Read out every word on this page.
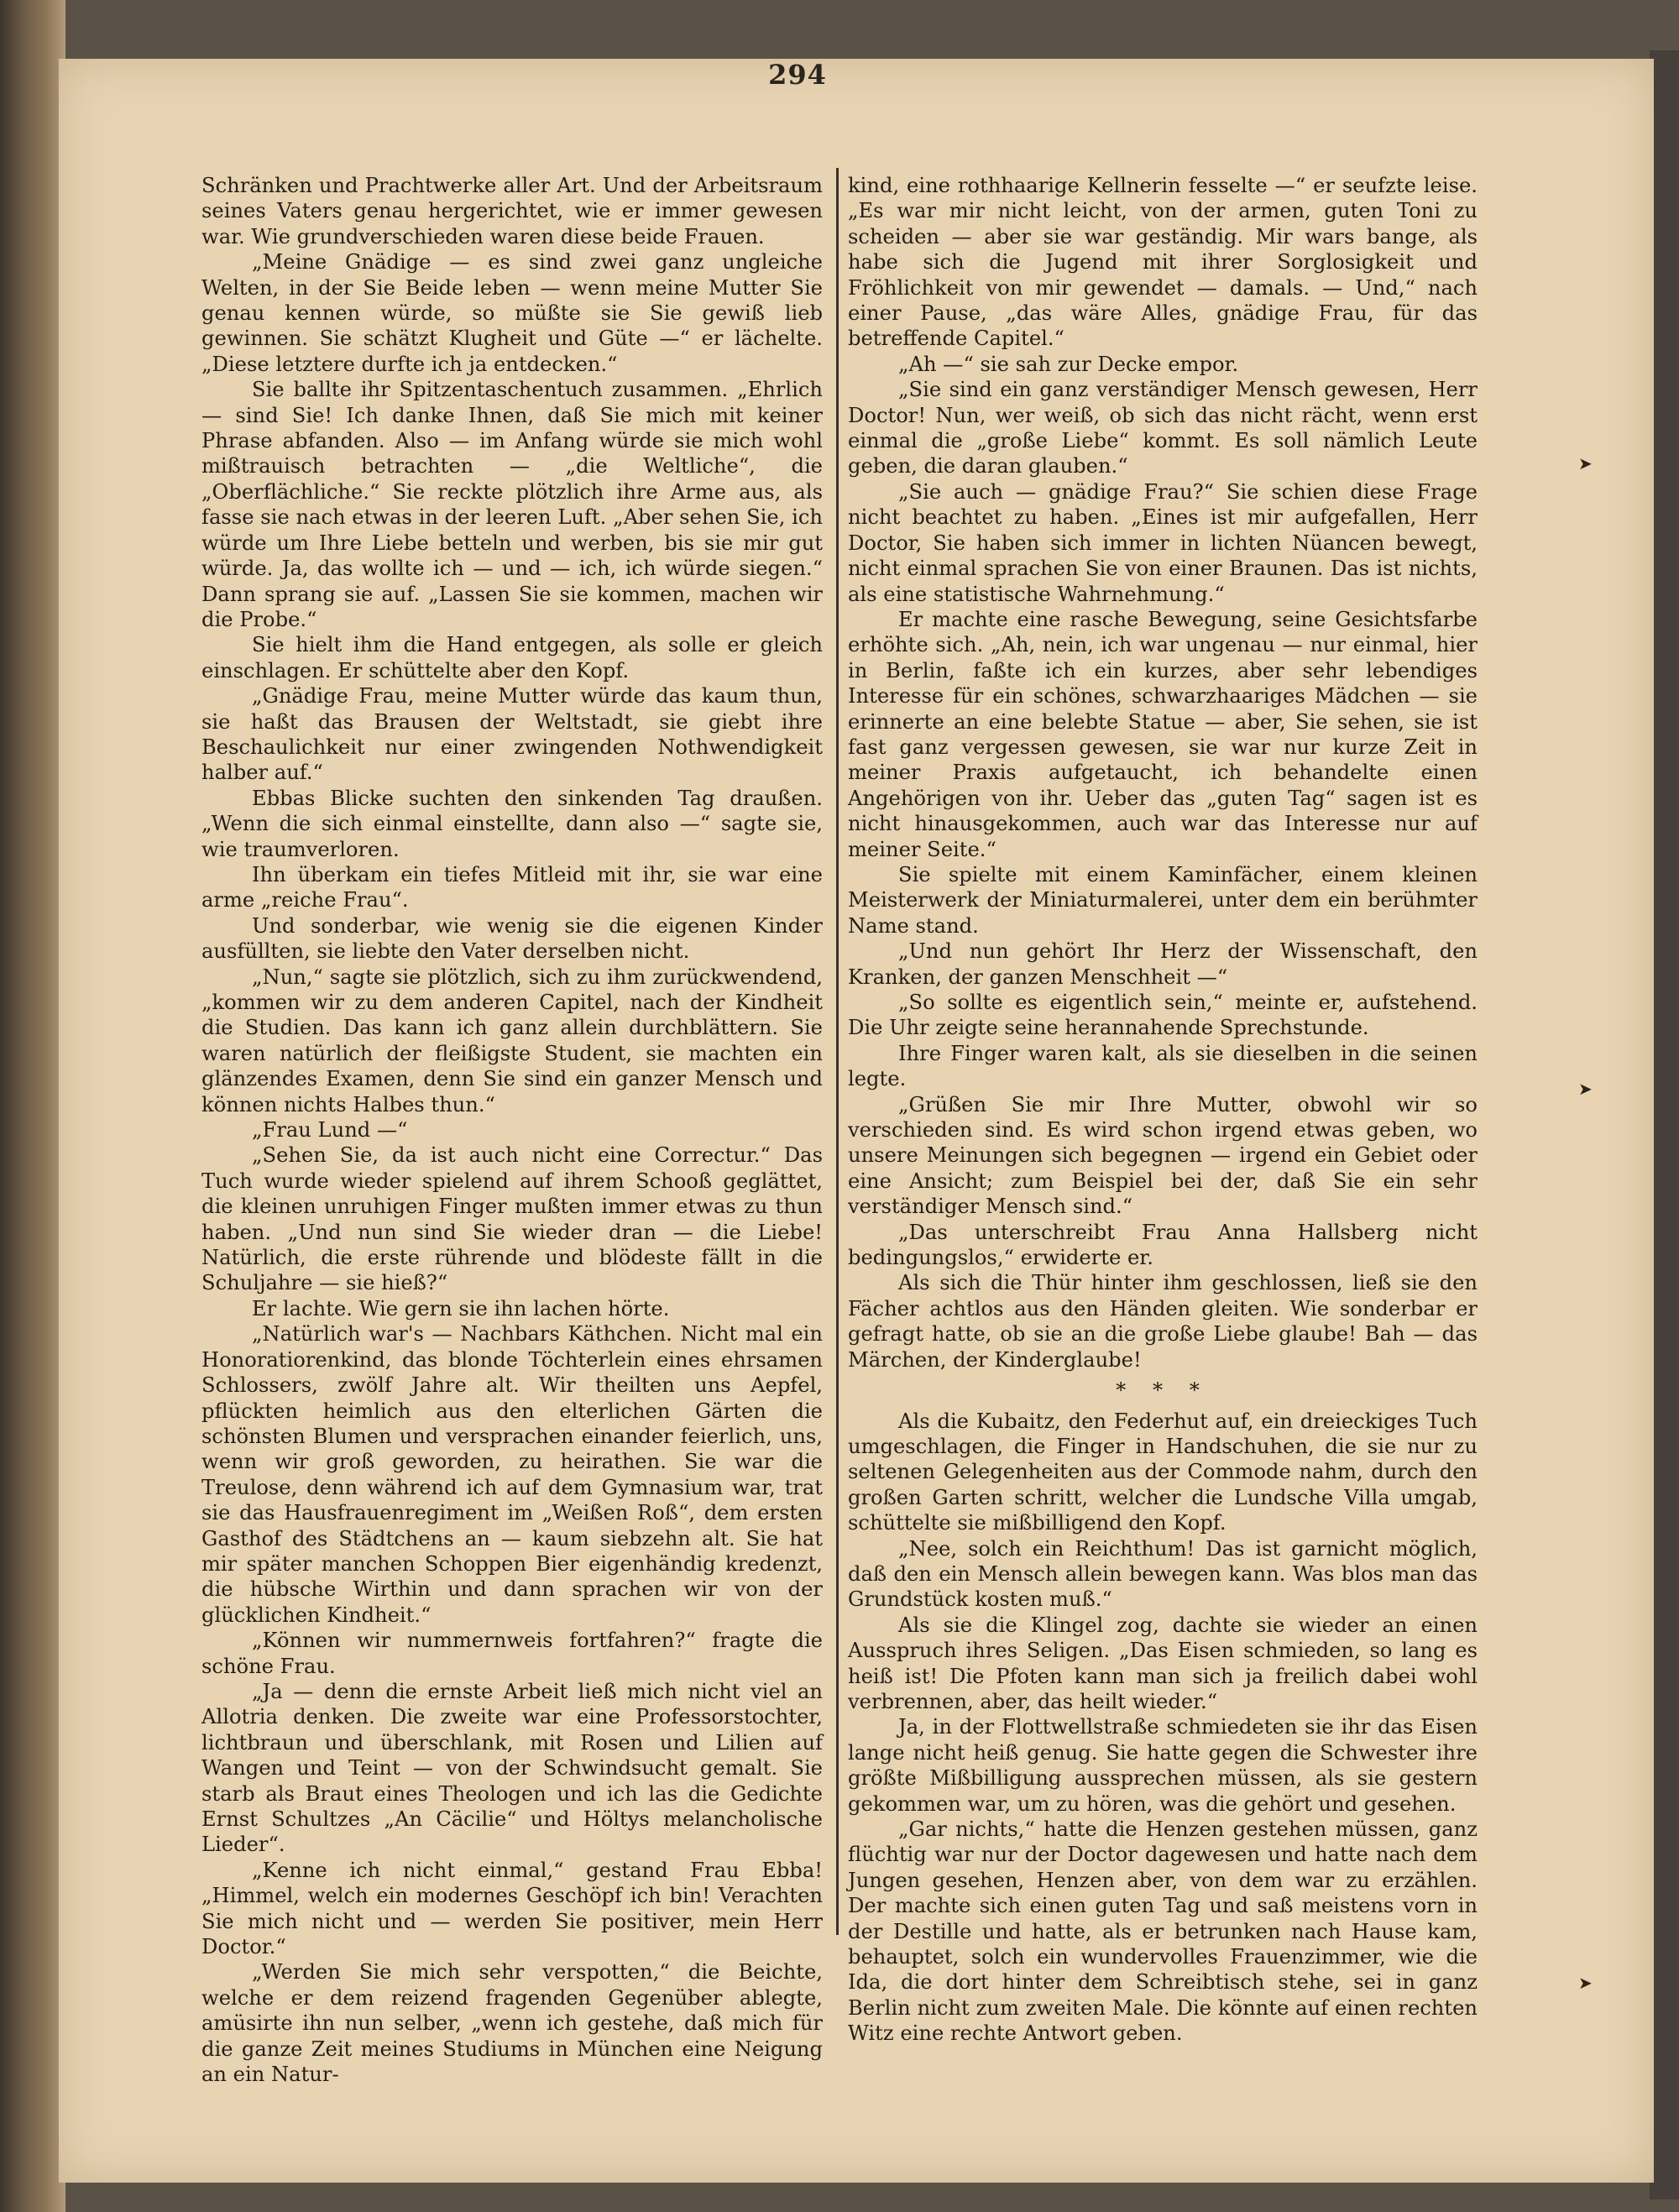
294

Schränken und Prachtwerke aller Art. Und der Arbeitsraum seines Vaters genau hergerichtet, wie er immer gewesen war. Wie grundverschieden waren diese beide Frauen.

„Meine Gnädige — es sind zwei ganz ungleiche Welten, in der Sie Beide leben — wenn meine Mutter Sie genau kennen würde, so müßte sie Sie gewiß lieb gewinnen. Sie schätzt Klugheit und Güte —“ er lächelte. „Diese letztere durfte ich ja entdecken.“

Sie ballte ihr Spitzentaschentuch zusammen. „Ehrlich — sind Sie! Ich danke Ihnen, daß Sie mich mit keiner Phrase abfanden. Also — im Anfang würde sie mich wohl mißtrauisch betrachten — „die Weltliche“, die „Oberflächliche.“ Sie reckte plötzlich ihre Arme aus, als fasse sie nach etwas in der leeren Luft. „Aber sehen Sie, ich würde um Ihre Liebe betteln und werben, bis sie mir gut würde. Ja, das wollte ich — und — ich, ich würde siegen.“ Dann sprang sie auf. „Lassen Sie sie kommen, machen wir die Probe.“

Sie hielt ihm die Hand entgegen, als solle er gleich einschlagen. Er schüttelte aber den Kopf.

„Gnädige Frau, meine Mutter würde das kaum thun, sie haßt das Brausen der Weltstadt, sie giebt ihre Beschaulichkeit nur einer zwingenden Nothwendigkeit halber auf.“

Ebbas Blicke suchten den sinkenden Tag draußen. „Wenn die sich einmal einstellte, dann also —“ sagte sie, wie traumverloren.

Ihn überkam ein tiefes Mitleid mit ihr, sie war eine arme „reiche Frau“.

Und sonderbar, wie wenig sie die eigenen Kinder ausfüllten, sie liebte den Vater derselben nicht.

„Nun,“ sagte sie plötzlich, sich zu ihm zurückwendend, „kommen wir zu dem anderen Capitel, nach der Kindheit die Studien. Das kann ich ganz allein durchblättern. Sie waren natürlich der fleißigste Student, sie machten ein glänzendes Examen, denn Sie sind ein ganzer Mensch und können nichts Halbes thun.“

„Frau Lund —“

„Sehen Sie, da ist auch nicht eine Correctur.“ Das Tuch wurde wieder spielend auf ihrem Schooß geglättet, die kleinen unruhigen Finger mußten immer etwas zu thun haben. „Und nun sind Sie wieder dran — die Liebe! Natürlich, die erste rührende und blödeste fällt in die Schuljahre — sie hieß?“

Er lachte. Wie gern sie ihn lachen hörte.

„Natürlich war's — Nachbars Käthchen. Nicht mal ein Honoratiorenkind, das blonde Töchterlein eines ehrsamen Schlossers, zwölf Jahre alt. Wir theilten uns Aepfel, pflückten heimlich aus den elterlichen Gärten die schönsten Blumen und versprachen einander feierlich, uns, wenn wir groß geworden, zu heirathen. Sie war die Treulose, denn während ich auf dem Gymnasium war, trat sie das Hausfrauenregiment im „Weißen Roß“, dem ersten Gasthof des Städtchens an — kaum siebzehn alt. Sie hat mir später manchen Schoppen Bier eigenhändig kredenzt, die hübsche Wirthin und dann sprachen wir von der glücklichen Kindheit.“

„Können wir nummernweis fortfahren?“ fragte die schöne Frau.

„Ja — denn die ernste Arbeit ließ mich nicht viel an Allotria denken. Die zweite war eine Professorstochter, lichtbraun und überschlank, mit Rosen und Lilien auf Wangen und Teint — von der Schwindsucht gemalt. Sie starb als Braut eines Theologen und ich las die Gedichte Ernst Schultzes „An Cäcilie“ und Höltys melancholische Lieder“.

„Kenne ich nicht einmal,“ gestand Frau Ebba! „Himmel, welch ein modernes Geschöpf ich bin! Verachten Sie mich nicht und — werden Sie positiver, mein Herr Doctor.“

„Werden Sie mich sehr verspotten,“ die Beichte, welche er dem reizend fragenden Gegenüber ablegte, amüsirte ihn nun selber, „wenn ich gestehe, daß mich für die ganze Zeit meines Studiums in München eine Neigung an ein Natur-

kind, eine rothhaarige Kellnerin fesselte —“ er seufzte leise. „Es war mir nicht leicht, von der armen, guten Toni zu scheiden — aber sie war geständig. Mir wars bange, als habe sich die Jugend mit ihrer Sorglosigkeit und Fröhlichkeit von mir gewendet — damals. — Und,“ nach einer Pause, „das wäre Alles, gnädige Frau, für das betreffende Capitel.“

„Ah —“ sie sah zur Decke empor.

„Sie sind ein ganz verständiger Mensch gewesen, Herr Doctor! Nun, wer weiß, ob sich das nicht rächt, wenn erst einmal die „große Liebe“ kommt. Es soll nämlich Leute geben, die daran glauben.“

„Sie auch — gnädige Frau?“ Sie schien diese Frage nicht beachtet zu haben. „Eines ist mir aufgefallen, Herr Doctor, Sie haben sich immer in lichten Nüancen bewegt, nicht einmal sprachen Sie von einer Braunen. Das ist nichts, als eine statistische Wahrnehmung.“

Er machte eine rasche Bewegung, seine Gesichtsfarbe erhöhte sich. „Ah, nein, ich war ungenau — nur einmal, hier in Berlin, faßte ich ein kurzes, aber sehr lebendiges Interesse für ein schönes, schwarzhaariges Mädchen — sie erinnerte an eine belebte Statue — aber, Sie sehen, sie ist fast ganz vergessen gewesen, sie war nur kurze Zeit in meiner Praxis aufgetaucht, ich behandelte einen Angehörigen von ihr. Ueber das „guten Tag“ sagen ist es nicht hinausgekommen, auch war das Interesse nur auf meiner Seite.“

Sie spielte mit einem Kaminfächer, einem kleinen Meisterwerk der Miniaturmalerei, unter dem ein berühmter Name stand.

„Und nun gehört Ihr Herz der Wissenschaft, den Kranken, der ganzen Menschheit —“

„So sollte es eigentlich sein,“ meinte er, aufstehend. Die Uhr zeigte seine herannahende Sprechstunde.

Ihre Finger waren kalt, als sie dieselben in die seinen legte.

„Grüßen Sie mir Ihre Mutter, obwohl wir so verschieden sind. Es wird schon irgend etwas geben, wo unsere Meinungen sich begegnen — irgend ein Gebiet oder eine Ansicht; zum Beispiel bei der, daß Sie ein sehr verständiger Mensch sind.“

„Das unterschreibt Frau Anna Hallsberg nicht bedingungslos,“ erwiderte er.

Als sich die Thür hinter ihm geschlossen, ließ sie den Fächer achtlos aus den Händen gleiten. Wie sonderbar er gefragt hatte, ob sie an die große Liebe glaube! Bah — das Märchen, der Kinderglaube!

* * *

Als die Kubaitz, den Federhut auf, ein dreieckiges Tuch umgeschlagen, die Finger in Handschuhen, die sie nur zu seltenen Gelegenheiten aus der Commode nahm, durch den großen Garten schritt, welcher die Lundsche Villa umgab, schüttelte sie mißbilligend den Kopf.

„Nee, solch ein Reichthum! Das ist garnicht möglich, daß den ein Mensch allein bewegen kann. Was blos man das Grundstück kosten muß.“

Als sie die Klingel zog, dachte sie wieder an einen Ausspruch ihres Seligen. „Das Eisen schmieden, so lang es heiß ist! Die Pfoten kann man sich ja freilich dabei wohl verbrennen, aber, das heilt wieder.“

Ja, in der Flottwellstraße schmiedeten sie ihr das Eisen lange nicht heiß genug. Sie hatte gegen die Schwester ihre größte Mißbilligung aussprechen müssen, als sie gestern gekommen war, um zu hören, was die gehört und gesehen.

„Gar nichts,“ hatte die Henzen gestehen müssen, ganz flüchtig war nur der Doctor dagewesen und hatte nach dem Jungen gesehen, Henzen aber, von dem war zu erzählen. Der machte sich einen guten Tag und saß meistens vorn in der Destille und hatte, als er betrunken nach Hause kam, behauptet, solch ein wundervolles Frauenzimmer, wie die Ida, die dort hinter dem Schreibtisch stehe, sei in ganz Berlin nicht zum zweiten Male. Die könnte auf einen rechten Witz eine rechte Antwort geben.

➤
➤
➤
